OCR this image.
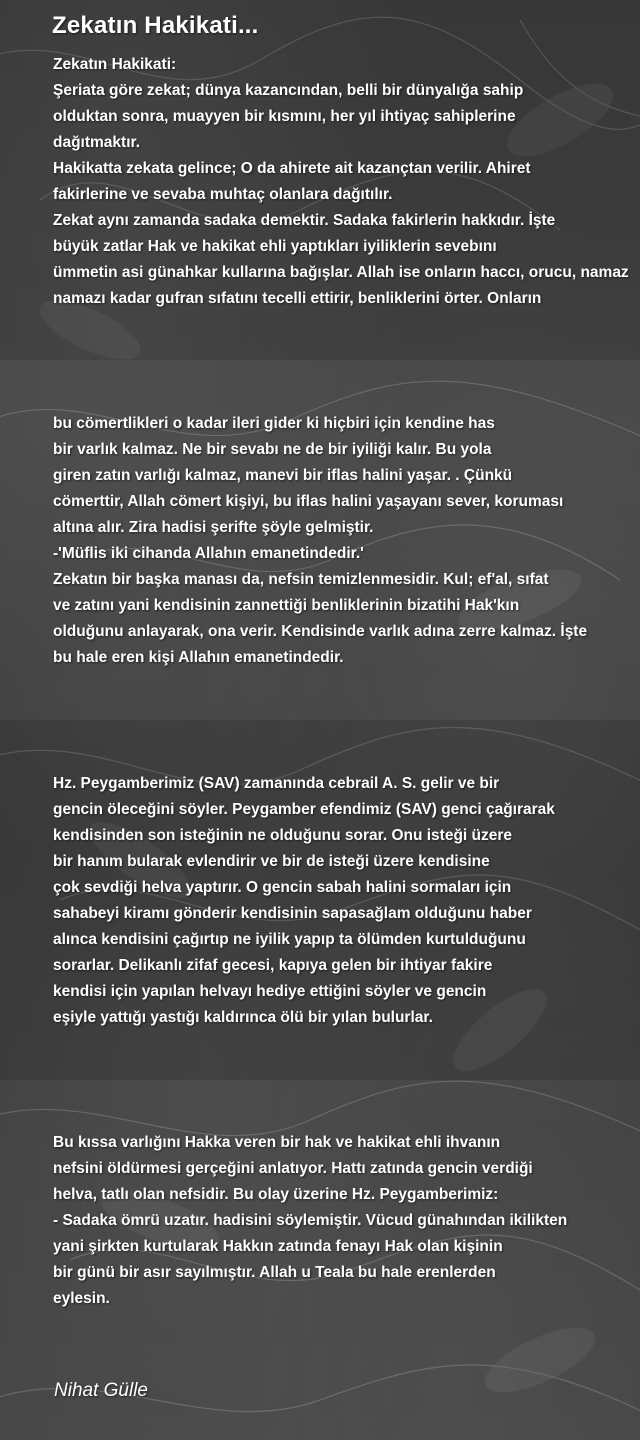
Zekatın Hakikati...
Zekatın Hakikati:
Şeriata göre zekat; dünya kazancından, belli bir dünyalığa sahip
olduktan sonra, muayyen bir kısmını, her yıl ihtiyaç sahiplerine
dağıtmaktır.
Hakikatta zekata gelince; O da ahirete ait kazançtan verilir. Ahiret
fakirlerine ve sevaba muhtaç olanlara dağıtılır.
Zekat aynı zamanda sadaka demektir. Sadaka fakirlerin hakkıdır. İşte
büyük zatlar Hak ve hakikat ehli yaptıkları iyiliklerin sevebını
ümmetin asi günahkar kullarına bağışlar. Allah ise onların haccı, orucu, namaz
namazı kadar gufran sıfatını tecelli ettirir, benliklerini örter. Onların
bu cömertlikleri o kadar ileri gider ki hiçbiri için kendine has
bir varlık kalmaz. Ne bir sevabı ne de bir iyiliği kalır. Bu yola
giren zatın varlığı kalmaz, manevi bir iflas halini yaşar. . Çünkü
cömerttir, Allah cömert kişiyi, bu iflas halini yaşayanı sever, koruması
altına alır. Zira hadisi şerifte şöyle gelmiştir.
-'Müflis iki cihanda Allahın emanetindedir.'
Zekatın bir başka manası da, nefsin temizlenmesidir. Kul; ef'al, sıfat
ve zatını yani kendisinin zannettiği benliklerinin bizatihi Hak'kın
olduğunu anlayarak, ona verir. Kendisinde varlık adına zerre kalmaz. İşte
bu hale eren kişi Allahın emanetindedir.
Hz. Peygamberimiz (SAV) zamanında cebrail A. S. gelir ve bir
gencin öleceğini söyler. Peygamber efendimiz (SAV) genci çağırarak
kendisinden son isteğinin ne olduğunu sorar. Onu isteği üzere
bir hanım bularak evlendirir ve bir de isteği üzere kendisine
çok sevdiği helva yaptırır. O gencin sabah halini sormaları için
sahabeyi kiramı gönderir kendisinin sapasağlam olduğunu haber
alınca kendisini çağırtıp ne iyilik yapıp ta ölümden kurtulduğunu
sorarlar. Delikanlı zifaf gecesi, kapıya gelen bir ihtiyar fakire
kendisi için yapılan helvayı hediye ettiğini söyler ve gencin
eşiyle yattığı yastığı kaldırınca ölü bir yılan bulurlar.
Bu kıssa varlığını Hakka veren bir hak ve hakikat ehli ihvanın
nefsini öldürmesi gerçeğini anlatıyor. Hattı zatında gencin verdiği
helva, tatlı olan nefsidir. Bu olay üzerine Hz. Peygamberimiz:
- Sadaka ömrü uzatır. hadisini söylemiştir. Vücud günahından ikilikten
yani şirkten kurtularak Hakkın zatında fenayı Hak olan kişinin
bir günü bir asır sayılmıştır. Allah u Teala bu hale erenlerden
eylesin.
Nihat Gülle
